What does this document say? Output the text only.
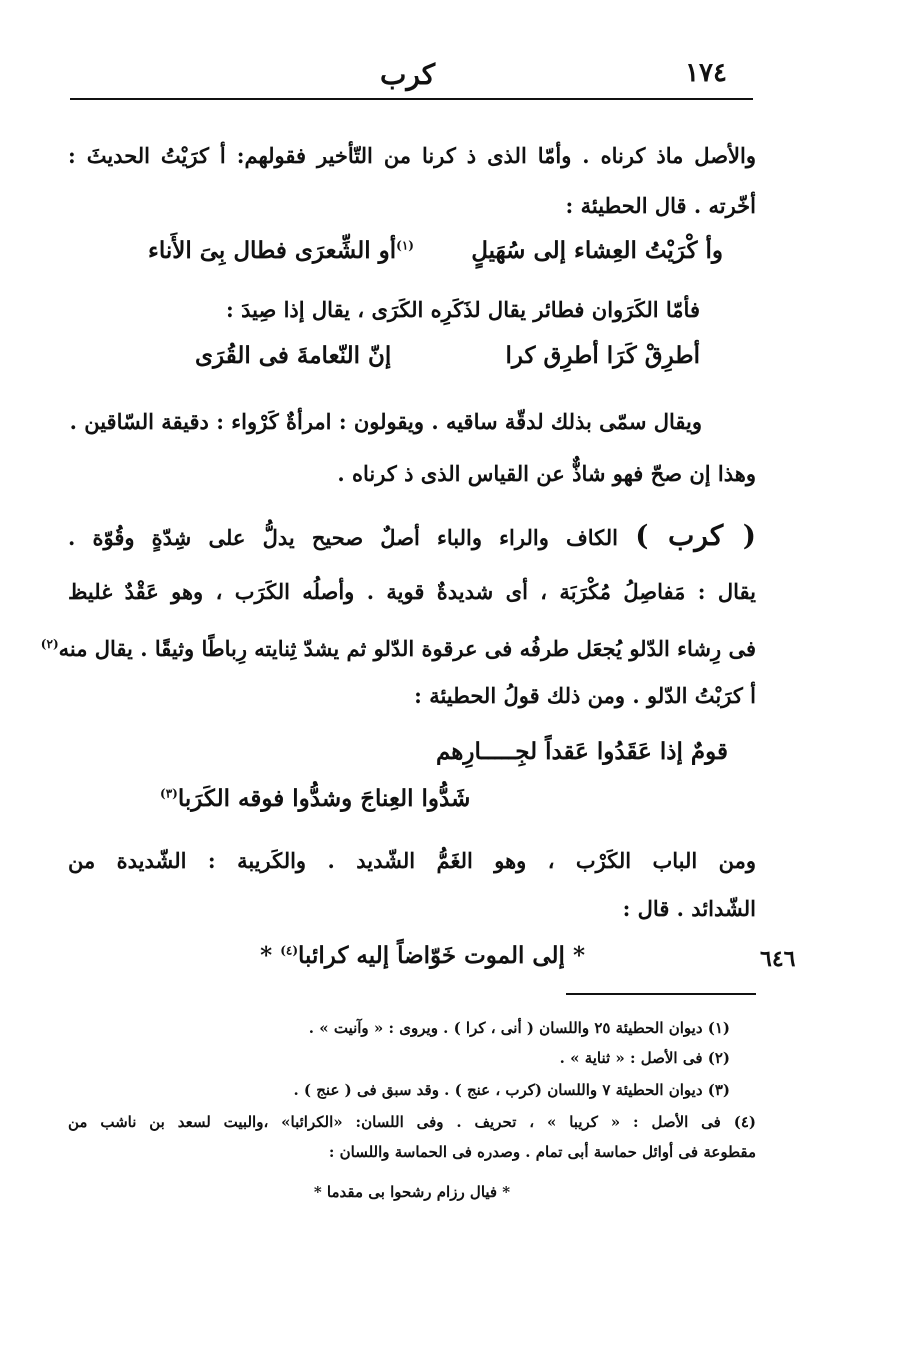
١٧٤
كرب
والأصل ماذ كرناه . وأمّا الذى ذ كرنا من التّأخير فقولهم: أ كرَيْتُ الحديثَ :
أخّرته . قال الحطيئة :
وأ كْرَيْتُ العِشاء إلى سُهَيلٍ
$^{(١)}$أو الشِّعرَى فطال بِىَ الأَناء
فأمّا الكَرَوان فطائر يقال لذَكَرِه الكَرَى ، يقال إذا صِيدَ :
أطرِقْ كَرَا أطرِق كرا
إنّ النّعامةَ فى القُرَى
ويقال سمّى بذلك لدقّة ساقيه . ويقولون : امرأةٌ كَرْواء : دقيقة السّاقين .
وهذا إن صحّ فهو شاذٌّ عن القياس الذى ذ كرناه .
( كرب ) الكاف والراء والباء أصلٌ صحيح يدلُّ على شِدّةٍ وقُوّة .
يقال : مَفاصِلُ مُكْرَبَة ، أى شديدةٌ قوية . وأصلُه الكَرَب ، وهو عَقْدٌ غليظ
فى رِشاء الدّلو يُجعَل طرفُه فى عرقوة الدّلو ثم يشدّ ثِنايته رِباطًا وثيقًا . يقال منه$^{(٢)}$
أ كرَبْتُ الدّلو . ومن ذلك قولُ الحطيئة :
قومٌ إذا عَقَدُوا عَقداً لجِـــــارِهم
شَدُّوا العِناجَ وشدُّوا فوقه الكَرَبا$^{(٣)}$
ومن الباب الكَرْب ، وهو الغَمُّ الشّديد . والكَريبة : الشّديدة من
الشّدائد . قال :
* إلى الموت خَوّاضاً إليه كرائبا$^{(٤)}$ *	٦٤٦
(١) ديوان الحطيئة ٢٥ واللسان ( أنى ، كرا ) . ويروى : « وآنيت » .
(٢) فى الأصل : « ثناية » .
(٣) ديوان الحطيئة ٧ واللسان (كرب ، عنج ) . وقد سبق فى ( عنج ) .
(٤) فى الأصل : « كريبا » ، تحريف . وفى اللسان: «الكرائبا» ،والبيت لسعد بن ناشب من
مقطوعة فى أوائل حماسة أبى تمام . وصدره فى الحماسة واللسان :
* فيال رزام رشحوا بى مقدما *
